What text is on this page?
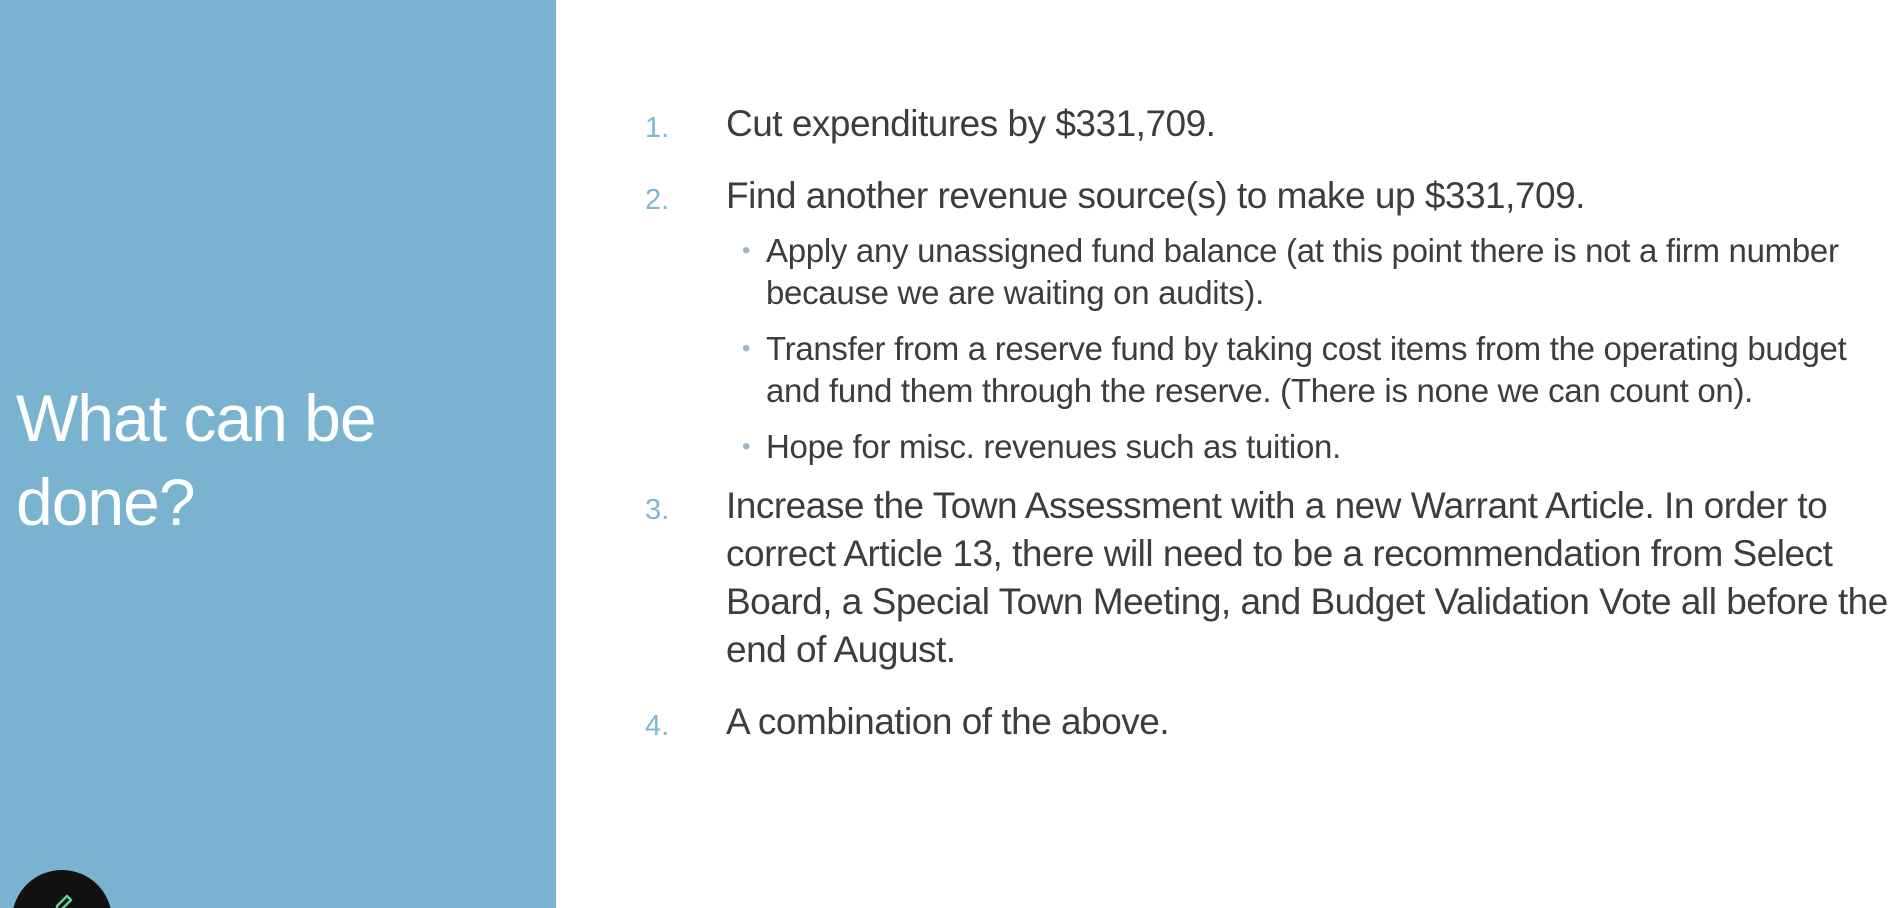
What can be done?
1. Cut expenditures by $331,709.
2. Find another revenue source(s) to make up $331,709.
• Apply any unassigned fund balance (at this point there is not a firm number because we are waiting on audits).
• Transfer from a reserve fund by taking cost items from the operating budget and fund them through the reserve. (There is none we can count on).
• Hope for misc. revenues such as tuition.
3. Increase the Town Assessment with a new Warrant Article. In order to correct Article 13, there will need to be a recommendation from Select Board, a Special Town Meeting, and Budget Validation Vote all before the end of August.
4. A combination of the above.
